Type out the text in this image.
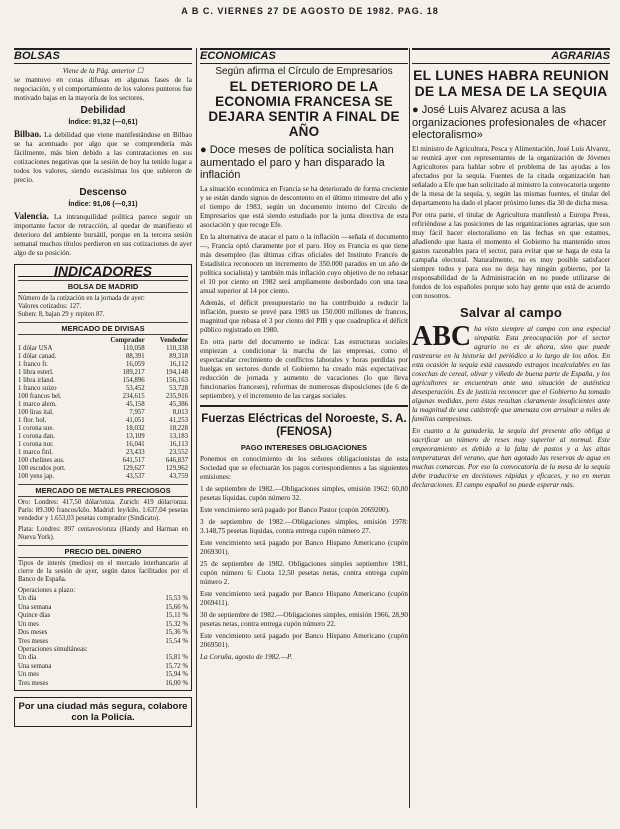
A B C. VIERNES 27 DE AGOSTO DE 1982. PAG. 18
BOLSAS
Viene de la Pág. anterior ☐

se mantuvo en cotas difusas en algunas fases de la negociación, y el comportamiento de los valores punteros fue motivado bajas en la mayoría de los sectores.

Debilidad
Índice: 91,32 (—0,61)

Bilbao. La debilidad que viene manifestándose en Bilbao se ha acentuado por algo que se comprendería más fácilmente, más bien debido a las contrataciones en sus cotizaciones negativas que la sesión de hoy ha tenido lugar a todos los valores, siendo escasísimas los que subieron de precio.

Descenso
Índice: 91,06 (—0,31)

Valencia. La intranquilidad política parece seguir un importante factor de retracción, al quedar de manifiesto el deterioro del ambiente bursátil, porque en la tercera sesión semanal muchos títulos perdieron en sus cotizaciones de ayer algo de su posición.

INDICADORES
BOLSA DE MADRID
Número de la cotización en la jornada de ayer:
Valores cotizados: 127.
Suben: 8, bajan 29 y repiten 87.
MERCADO DE DIVISAS
	Comprador	Vendedor
1 dólar USA	110,058	110,338
1 dólar canad.	88,391	89,318
1 franco fr.	16,059	16,112
1 libra esterl.	189,217	194,148
1 libra irland.	154,896	156,163
1 franco suizo	53,452	53,728
100 francos bel.	234,615	235,916
1 marco alem.	45,158	45,386
100 liras ital.	7,957	8,013
1 flor. hol.	41,051	41,253
1 corona sue.	18,032	18,228
1 corona dan.	13,109	13,183
1 corona nor.	16,041	16,113
1 marco finl.	23,433	23,552
100 chelines aus.	641,517	646,837
100 escudos port.	129,627	129,962
100 yens jap.	43,537	43,759
MERCADO DE METALES PRECIOSOS

Oro: Londres: 417,50 dólar/onza. Zurich: 419 dólar/onza. París: 89.300 francos/kilo. Madrid: ley/kilo, 1.637,04 pesetas vendedor y 1.653,03 pesetas comprador (Sindicato).

Plata: Londres: 897 centavos/onza (Handy and Harman en Nueva York).

PRECIO DEL DINERO

Tipos de interés (medios) en el mercado interbancario al cierre de la sesión de ayer, según datos facilitados por el Banco de España.

Operaciones a plazo:
Un día	15,53 %
Una semana	15,66 %
Quince días	15,11 %
Un mes	15,32 %
Dos meses	15,36 %
Tres meses	15,54 %
Operaciones simultáneas:
Un día	15,81 %
Una semana	15,72 %
Un mes	15,94 %
Tres meses	16,00 %
Por una ciudad más segura, colabore con la Policía.
ECONOMICAS
Según afirma el Círculo de Empresarios
EL DETERIORO DE LA ECONOMIA FRANCESA SE DEJARA SENTIR A FINAL DE AÑO
● Doce meses de política socialista han aumentado el paro y han disparado la inflación

La situación económica en Francia se ha deteriorado de forma creciente y se están dando signos de descontento en el último trimestre del año y el tiempo de 1983, según un documento interno del Círculo de Empresarios que está siendo estudiado por la junta directiva de esta asociación y que recoge Efe.

En la alternativa de atacar el paro o la inflación —señala el documento—, Francia optó claramente por el paro. Hoy es Francia es que tiene más desempleo (las últimas cifras oficiales del Instituto Francés de Estadística reconocen un incremento de 350.000 parados en un año de política socialista) y también más inflación cuyo objetivo de no rebasar el 10 por ciento en 1982 será ampliamente desbordado con una tasa anual superior al 14 por ciento.

Además, el déficit presupuestario no ha contribuido a reducir la inflación, puesto se prevé para 1983 un 150.000 millones de francos, magnitud que rebasa el 3 por ciento del PIB y que cuadruplica el déficit público registrado en 1980.

En otra parte del documento se indica: Las estructuras sociales empiezan a condicionar la marcha de las empresas, como el espectacular crecimiento de conflictos laborales y horas perdidas por huelgas en sectores donde el Gobierno ha creado más expectativas: reducción de jornada y aumento de vacaciones (lo que lleva funcionarios franceses), reformas de numerosas disposiciones (de 6 de septiembre), y el incremento de las cargas sociales.

Fuerzas Eléctricas del Noroeste, S. A. (FENOSA)
PAGO INTERESES OBLIGACIONES

Ponemos en conocimiento de los señores obligacionistas de esta Sociedad que se efectuarán los pagos correspondientes a las siguientes emisiones:

1 de septiembre de 1982.—Obligaciones simples, emisión 1962: 60,00 pesetas líquidas, cupón número 32.

Este vencimiento será pagado por Banco Pastor (cupón 2069200).

3 de septiembre de 1982.—Obligaciones simples, emisión 1978: 3.148,75 pesetas líquidas, contra entrega cupón número 27.

Este vencimiento será pagado por Banco Hispano Americano (cupón 2069301).

25 de septiembre de 1982. Obligaciones simples septiembre 1981, cupón número 6: Cuota 12,50 pesetas netas, contra entrega cupón número 2.

Este vencimiento será pagado por Banco Hispano Americano (cupón 2069411).

30 de septiembre de 1982.—Obligaciones simples, emisión 1966, 28,90 pesetas netas, contra entrega cupón número 22.

Este vencimiento será pagado por Banco Hispano Americano (cupón 2069501).

La Coruña, agosto de 1982.—P.
AGRARIAS
EL LUNES HABRA REUNION DE LA MESA DE LA SEQUIA
● José Luis Alvarez acusa a las organizaciones profesionales de «hacer electoralismo»

El ministro de Agricultura, Pesca y Alimentación, José Luis Alvarez, se reunirá ayer con representantes de la organización de Jóvenes Agricultores para hablar sobre el problema de las ayudas a los afectados por la sequía. Fuentes de la citada organización han señalado a Efe que han solicitado al ministro la convocatoria urgente de la mesa de la sequía, y, según las mismas fuentes, el titular del departamento ha dado el placer próximo lunes día 30 de dicha mesa.

Por otra parte, el titular de Agricultura manifestó a Europa Press, refiriéndose a las posiciones de las organizaciones agrarias, que son muy fácil hacer electoralismo en las fechas en que estamos, añadiendo que hasta el momento el Gobierno ha mantenido unos gastos razonables para el sector, para evitar que se haga de esta la campaña electoral. Naturalmente, no es muy posible satisfacer siempre todos y para eso no deja hay ningún gobierno, por la responsabilidad de la Administración en no puede utilizarse de fondos de los españoles porque solo hay gente que está de acuerdo con nosotros.

Salvar al campo

ABC ha visto siempre al campo con una especial simpatía. Esta preocupación por el sector agrario no es de ahora, sino que puede rastrearse en la historia del periódico a lo largo de los años. En esta ocasión la sequía está causando estragos incalculables en las cosechas de cereal, olivar y viñedo de buena parte de España, y los agricultores se encuentran ante una situación de auténtica desesperación. Es de justicia reconocer que el Gobierno ha tomado algunas medidas, pero éstas resultan claramente insuficientes ante la magnitud de una catástrofe que amenaza con arruinar a miles de familias campesinas.

En cuanto a la ganadería, la sequía del presente año obliga a sacrificar un número de reses muy superior al normal. Este empeoramiento es debido a la falta de pastos y a las altas temperaturas del verano, que han agotado las reservas de agua en muchas comarcas. Por eso la convocatoria de la mesa de la sequía debe traducirse en decisiones rápidas y eficaces, y no en meras declaraciones. El campo español no puede esperar más.
